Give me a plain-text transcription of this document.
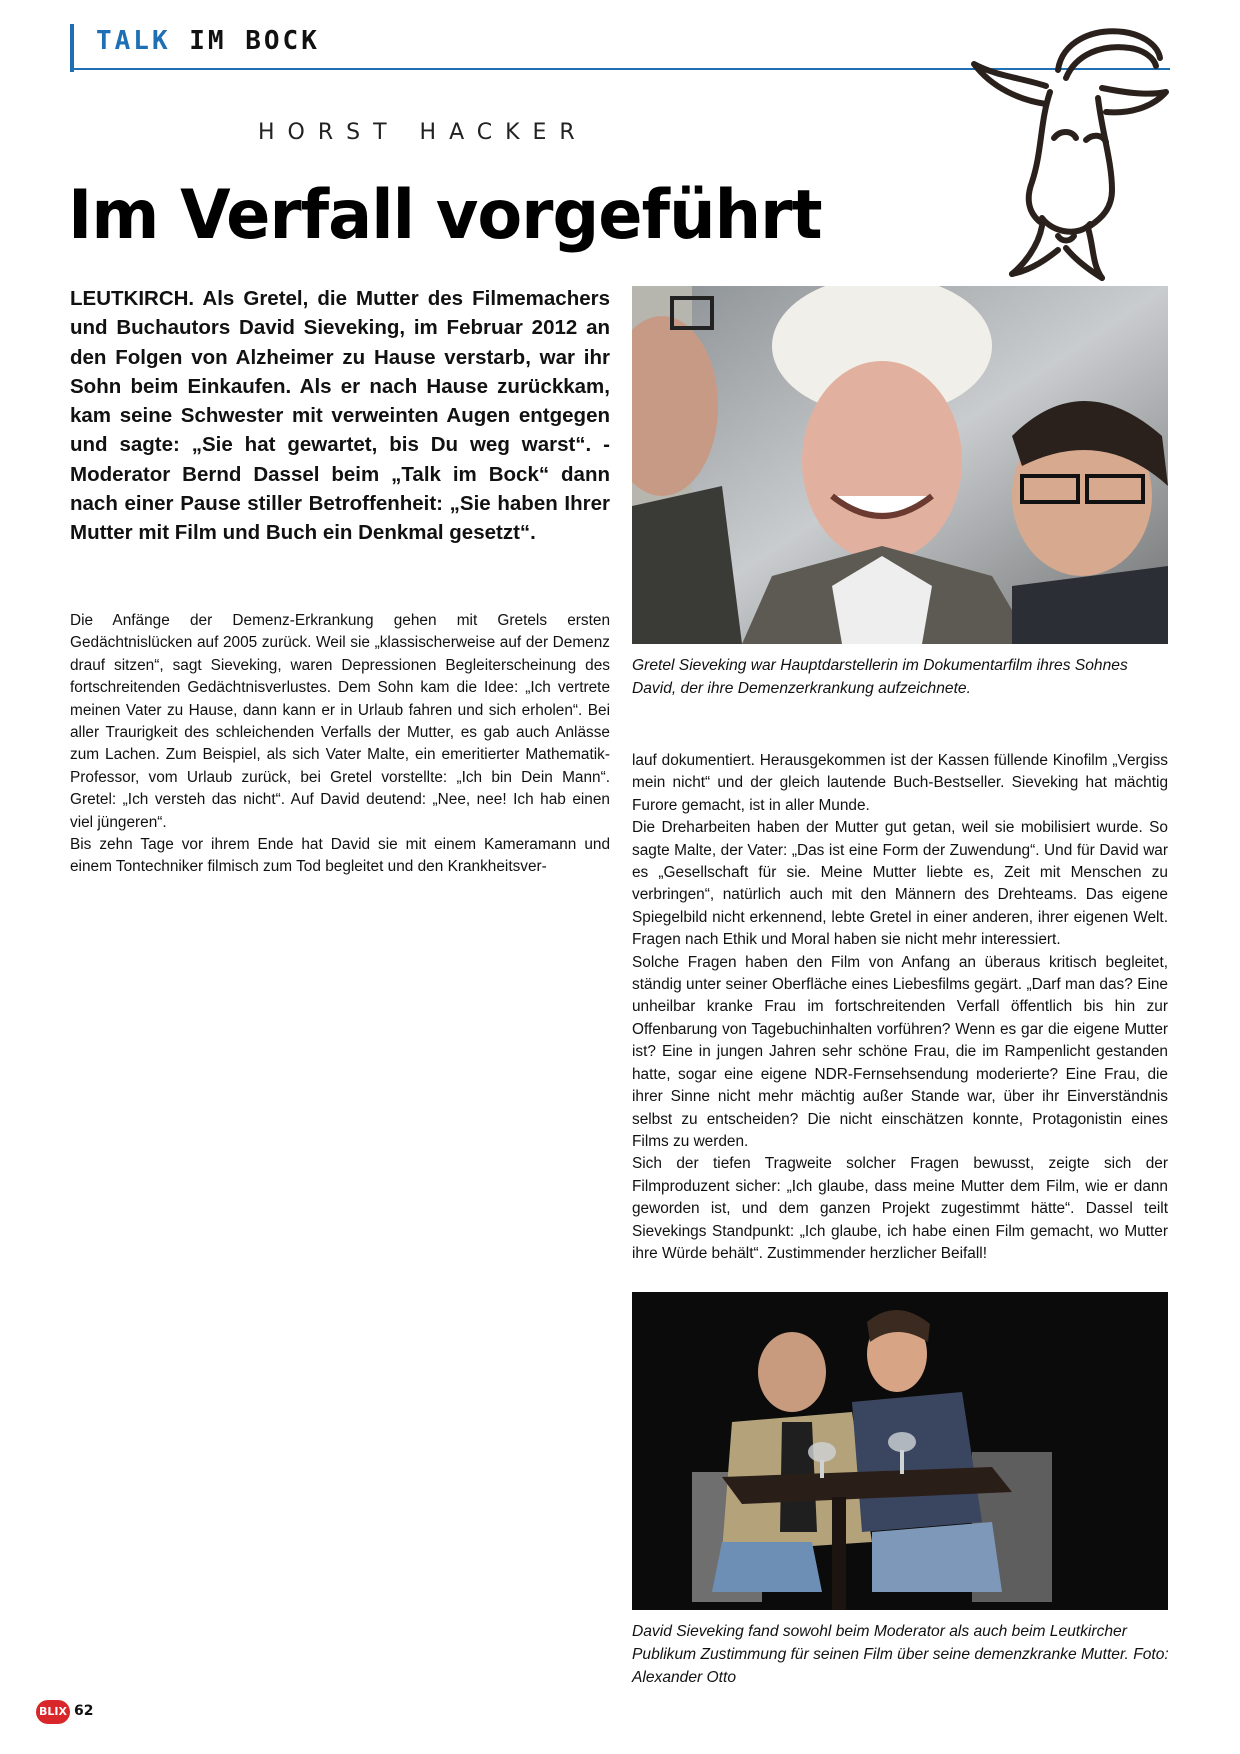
TALK IM BOCK
HORST HACKER
Im Verfall vorgeführt
LEUTKIRCH. Als Gretel, die Mutter des Filmemachers und Buchautors David Sieveking, im Februar 2012 an den Folgen von Alzheimer zu Hause verstarb, war ihr Sohn beim Einkaufen. Als er nach Hause zurückkam, kam seine Schwester mit verweinten Augen entgegen und sagte: „Sie hat gewartet, bis Du weg warst“. - Moderator Bernd Dassel beim „Talk im Bock“ dann nach einer Pause stiller Betroffenheit: „Sie haben Ihrer Mutter mit Film und Buch ein Denkmal gesetzt“.

Die Anfänge der Demenz-Erkrankung gehen mit Gretels ersten Gedächtnislücken auf 2005 zurück. Weil sie „klassischerweise auf der Demenz drauf sitzen“, sagt Sieveking, waren Depressionen Begleiterscheinung des fortschreitenden Gedächtnisverlustes. Dem Sohn kam die Idee: „Ich vertrete meinen Vater zu Hause, dann kann er in Urlaub fahren und sich erholen“. Bei aller Traurigkeit des schleichenden Verfalls der Mutter, es gab auch Anlässe zum Lachen. Zum Beispiel, als sich Vater Malte, ein emeritierter Mathematik-Professor, vom Urlaub zurück, bei Gretel vorstellte: „Ich bin Dein Mann“. Gretel: „Ich versteh das nicht“. Auf David deutend: „Nee, nee! Ich hab einen viel jüngeren“.

Bis zehn Tage vor ihrem Ende hat David sie mit einem Kameramann und einem Tontechniker filmisch zum Tod begleitet und den Krankheitsver-

Gretel Sieveking war Hauptdarstellerin im Dokumentarfilm ihres Sohnes David, der ihre Demenzerkrankung aufzeichnete.

lauf dokumentiert. Herausgekommen ist der Kassen füllende Kinofilm „Vergiss mein nicht“ und der gleich lautende Buch-Bestseller. Sieveking hat mächtig Furore gemacht, ist in aller Munde.

Die Dreharbeiten haben der Mutter gut getan, weil sie mobilisiert wurde. So sagte Malte, der Vater: „Das ist eine Form der Zuwendung“. Und für David war es „Gesellschaft für sie. Meine Mutter liebte es, Zeit mit Menschen zu verbringen“, natürlich auch mit den Männern des Drehteams. Das eigene Spiegelbild nicht erkennend, lebte Gretel in einer anderen, ihrer eigenen Welt. Fragen nach Ethik und Moral haben sie nicht mehr interessiert.

Solche Fragen haben den Film von Anfang an überaus kritisch begleitet, ständig unter seiner Oberfläche eines Liebesfilms gegärt. „Darf man das? Eine unheilbar kranke Frau im fortschreitenden Verfall öffentlich bis hin zur Offenbarung von Tagebuchinhalten vorführen? Wenn es gar die eigene Mutter ist? Eine in jungen Jahren sehr schöne Frau, die im Rampenlicht gestanden hatte, sogar eine eigene NDR-Fernsehsendung moderierte? Eine Frau, die ihrer Sinne nicht mehr mächtig außer Stande war, über ihr Einverständnis selbst zu entscheiden? Die nicht einschätzen konnte, Protagonistin eines Films zu werden.

Sich der tiefen Tragweite solcher Fragen bewusst, zeigte sich der Filmproduzent sicher: „Ich glaube, dass meine Mutter dem Film, wie er dann geworden ist, und dem ganzen Projekt zugestimmt hätte“. Dassel teilt Sievekings Standpunkt: „Ich glaube, ich habe einen Film gemacht, wo Mutter ihre Würde behält“. Zustimmender herzlicher Beifall!

David Sieveking fand sowohl beim Moderator als auch beim Leutkircher Publikum Zustimmung für seinen Film über seine demenzkranke Mutter. Foto: Alexander Otto
BLIX 62
